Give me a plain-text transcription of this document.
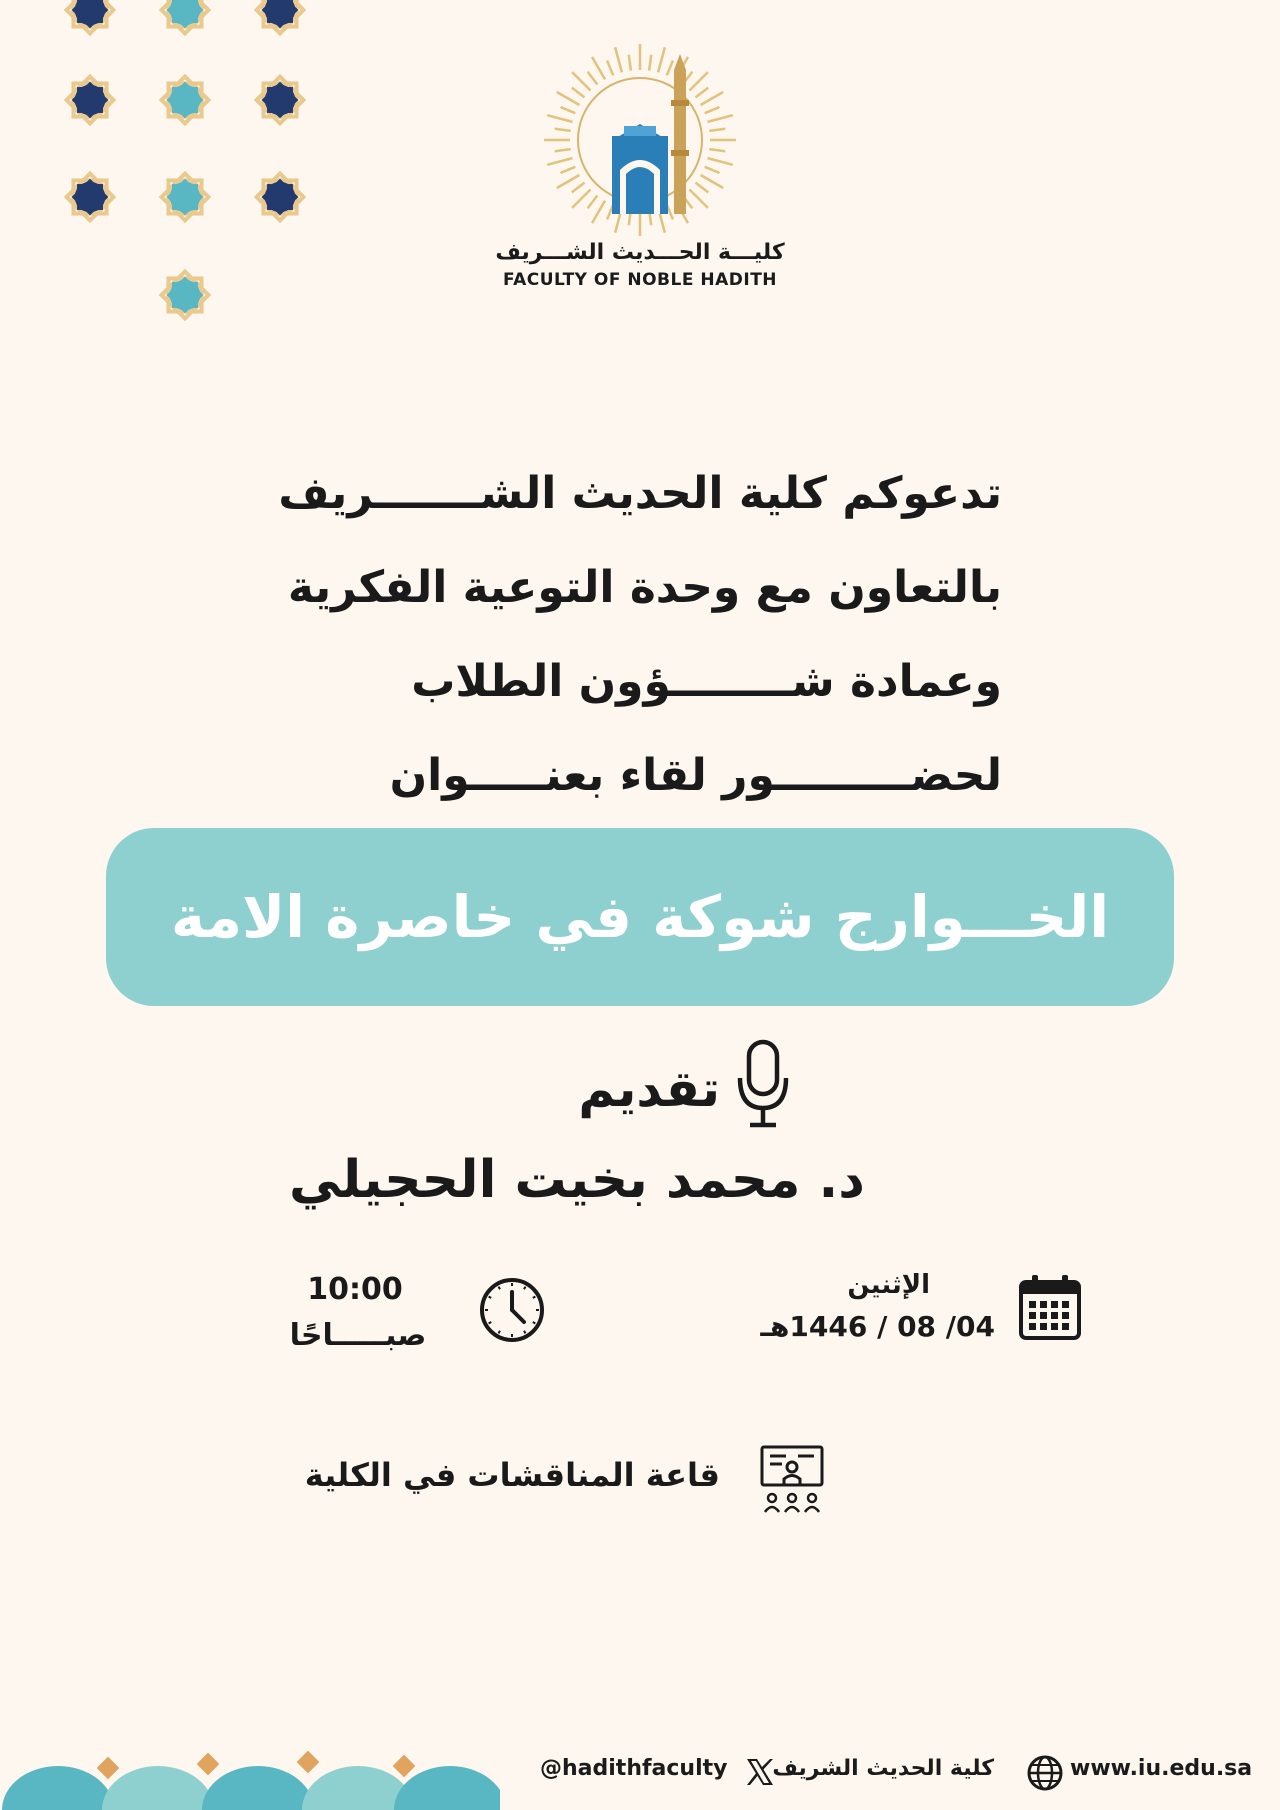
كليـــة الحـــديث الشـــريف
FACULTY OF NOBLE HADITH
تدعوكم كلية الحديث الشـــــــريف
بالتعاون مع وحدة التوعية الفكرية
وعمادة شــــــــؤون الطلاب
لحضـــــــــور لقاء بعنـــــوان
الخـــوارج شوكة في خاصرة الامة
تقديم
د. محمد بخيت الحجيلي
الإثنين
04/ 08 / 1446هـ
10:00
صبـــــاحًا
قاعة المناقشات في الكلية
@hadithfaculty كلية الحديث الشريف	www.iu.edu.sa
